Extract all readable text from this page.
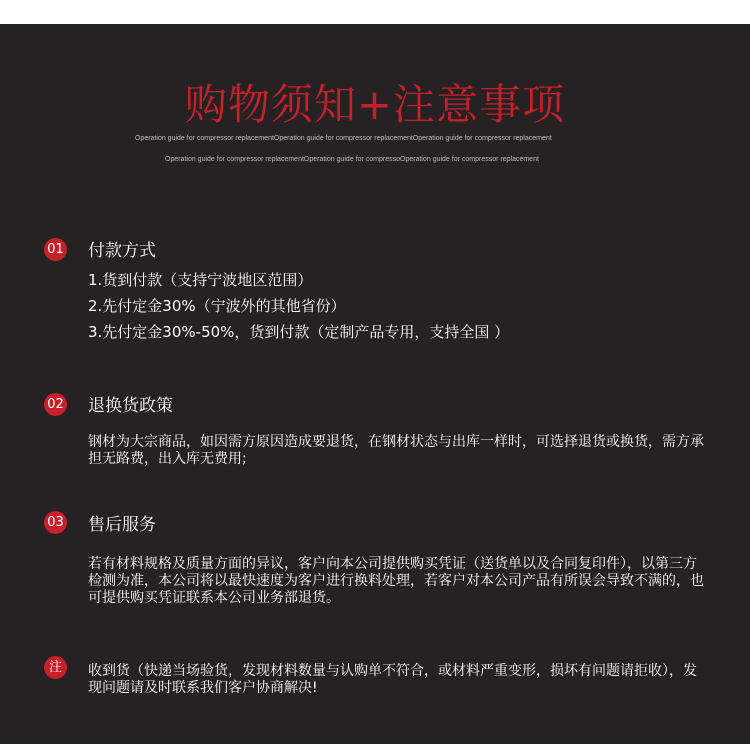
购物须知+注意事项
Operation guide for compressor replacementOperation guide for compressor replacementOperation guide for compressor replacement
Operation guide for compressor replacementOperation guide for compressoOperation guide for compressor replacement
01 付款方式
1.货到付款（支持宁波地区范围）
2.先付定金30%（宁波外的其他省份）
3.先付定金30%-50%，货到付款（定制产品专用，支持全国 ）
02 退换货政策
钢材为大宗商品，如因需方原因造成要退货，在钢材状态与出库一样时，可选择退货或换货，需方承担无路费，出入库无费用;
03 售后服务
若有材料规格及质量方面的异议，客户向本公司提供购买凭证（送货单以及合同复印件），以第三方检测为准，本公司将以最快速度为客户进行换料处理，若客户对本公司产品有所误会导致不满的，也可提供购买凭证联系本公司业务部退货。
注	收到货（快递当场验货，发现材料数量与认购单不符合，或材料严重变形，损坏有问题请拒收），发现问题请及时联系我们客户协商解决!
